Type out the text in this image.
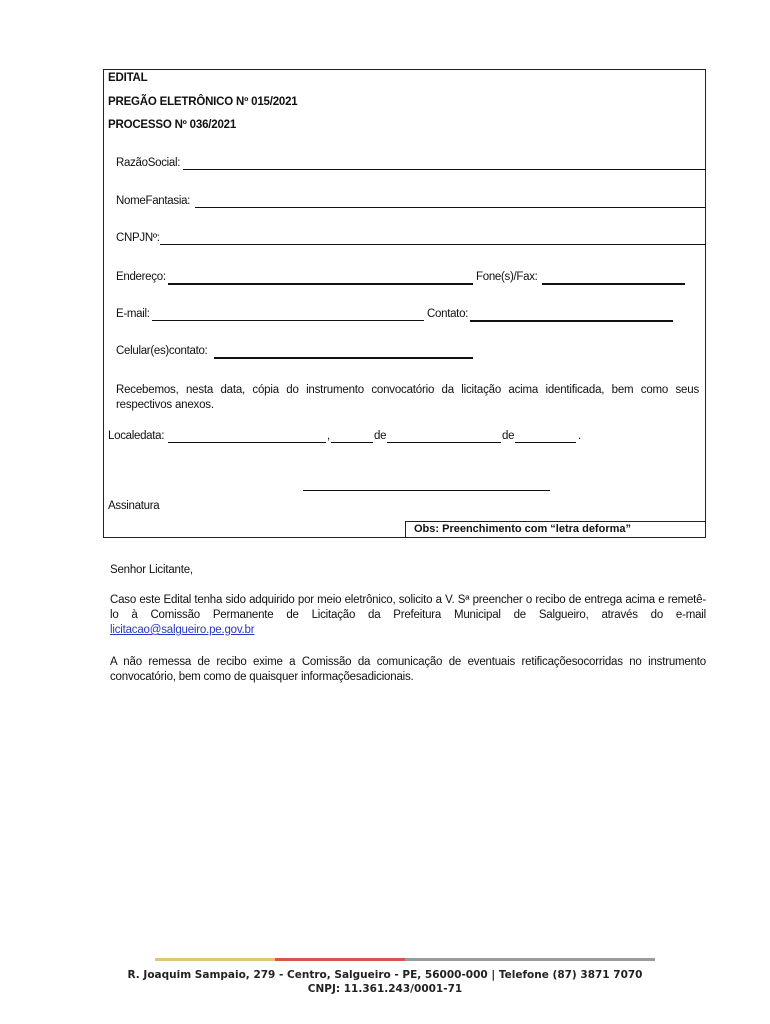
EDITAL
PREGÃO ELETRÔNICO Nº 015/2021
PROCESSO Nº 036/2021
RazãoSocial:
NomeFantasia:
CNPJNº:
Endereço:	Fone(s)/Fax:
E-mail:	Contato:
Celular(es)contato:
Recebemos, nesta data, cópia do instrumento convocatório da licitação acima identificada, bem como seus respectivos anexos.
Localedata:	,	de	de	.
Assinatura
Obs: Preenchimento com “letra deforma”
Senhor Licitante,
Caso este Edital tenha sido adquirido por meio eletrônico, solicito a V. Sª preencher o recibo de entrega acima e remetê-lo à Comissão Permanente de Licitação da Prefeitura Municipal de Salgueiro, através do e-mail licitacao@salgueiro.pe.gov.br
A não remessa de recibo exime a Comissão da comunicação de eventuais retificaçõesocorridas no instrumento convocatório, bem como de quaisquer informaçõesadicionais.
R. Joaquim Sampaio, 279 - Centro, Salgueiro - PE, 56000-000 | Telefone (87) 3871 7070
CNPJ: 11.361.243/0001-71
